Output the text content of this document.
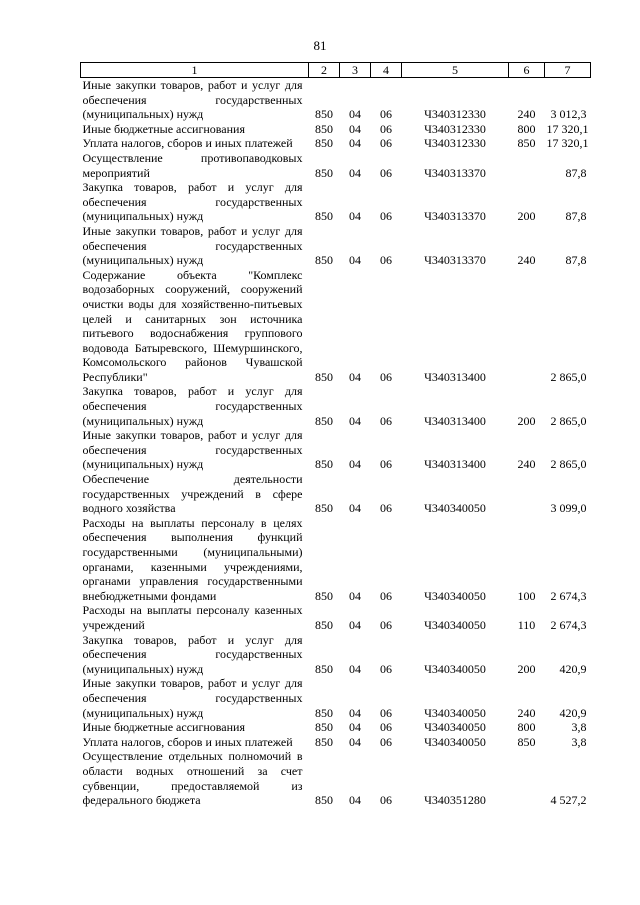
81
1	2	3	4	5	6	7
Иные закупки товаров, работ и услуг для обеспечения государственных (муниципальных) нужд	850	04	06	Ч340312330	240	3 012,3
Иные бюджетные ассигнования	850	04	06	Ч340312330	800	17 320,1
Уплата налогов, сборов и иных платежей	850	04	06	Ч340312330	850	17 320,1
Осуществление противопаводковых мероприятий	850	04	06	Ч340313370		87,8
Закупка товаров, работ и услуг для обеспечения государственных (муниципальных) нужд	850	04	06	Ч340313370	200	87,8
Иные закупки товаров, работ и услуг для обеспечения государственных (муниципальных) нужд	850	04	06	Ч340313370	240	87,8
Содержание объекта "Комплекс водозаборных сооружений, сооружений очистки воды для хозяйственно-питьевых целей и санитарных зон источника питьевого водоснабжения группового водовода Батыревского, Шемуршинского, Комсомольского районов Чувашской Республики"	850	04	06	Ч340313400		2 865,0
Закупка товаров, работ и услуг для обеспечения государственных (муниципальных) нужд	850	04	06	Ч340313400	200	2 865,0
Иные закупки товаров, работ и услуг для обеспечения государственных (муниципальных) нужд	850	04	06	Ч340313400	240	2 865,0
Обеспечение деятельности государственных учреждений в сфере водного хозяйства	850	04	06	Ч340340050		3 099,0
Расходы на выплаты персоналу в целях обеспечения выполнения функций государственными (муниципальными) органами, казенными учреждениями, органами управления государственными внебюджетными фондами	850	04	06	Ч340340050	100	2 674,3
Расходы на выплаты персоналу казенных учреждений	850	04	06	Ч340340050	110	2 674,3
Закупка товаров, работ и услуг для обеспечения государственных (муниципальных) нужд	850	04	06	Ч340340050	200	420,9
Иные закупки товаров, работ и услуг для обеспечения государственных (муниципальных) нужд	850	04	06	Ч340340050	240	420,9
Иные бюджетные ассигнования	850	04	06	Ч340340050	800	3,8
Уплата налогов, сборов и иных платежей	850	04	06	Ч340340050	850	3,8
Осуществление отдельных полномочий в области водных отношений за счет субвенции, предоставляемой из федерального бюджета	850	04	06	Ч340351280		4 527,2
